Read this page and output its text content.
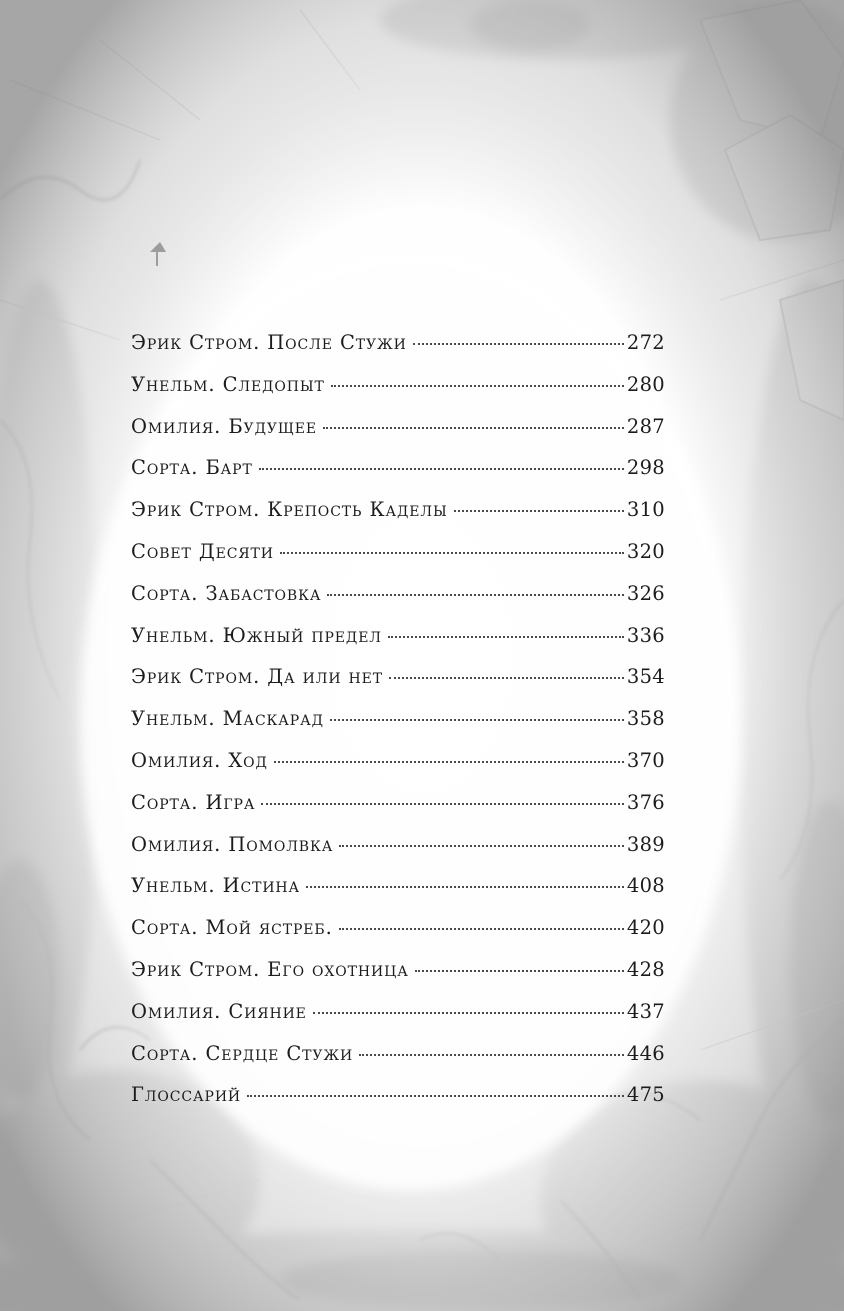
Эрик Стром. После Стужи	272
Унельм. Следопыт	280
Омилия. Будущее	287
Сорта. Барт	298
Эрик Стром. Крепость Каделы	310
Совет Десяти	320
Сорта. Забастовка	326
Унельм. Южный предел	336
Эрик Стром. Да или нет	354
Унельм. Маскарад	358
Омилия. Ход	370
Сорта. Игра	376
Омилия. Помолвка	389
Унельм. Истина	408
Сорта. Мой ястреб.	420
Эрик Стром. Его охотница	428
Омилия. Сияние	437
Сорта. Сердце Стужи	446
Глоссарий	475
